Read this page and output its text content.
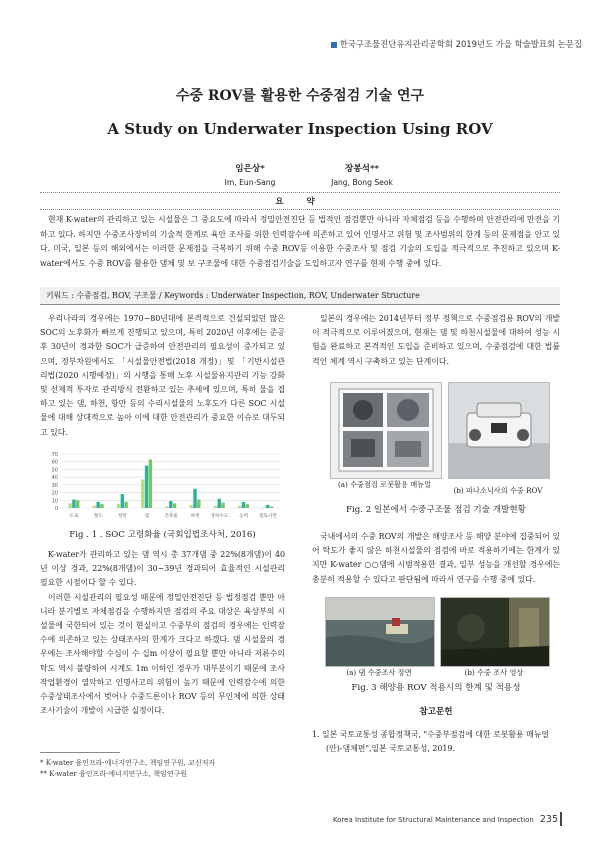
한국구조물진단유지관리공학회 2019년도 가을 학술발표회 논문집
수중 ROV를 활용한 수중점검 기술 연구
A Study on Underwater Inspection Using ROV
임은상*
Im, Eun-Sang
장봉석**
Jang, Bong Seok
요 약
현재 K-water의 관리하고 있는 시설물은 그 중요도에 따라서 정밀안전진단 등 법적인 점검뿐만 아니라 자체점검 등을 수행하며 안전관리에 만전을 기하고 있다. 하지만 수중조사장비의 기술적 한계로 육안 조사를 위한 인력잠수에 의존하고 있어 인명사고 위험 및 조사범위의 한계 등의 문제점을 안고 있다. 미국, 일본 등의 해외에서는 이러한 문제점을 극복하기 위해 수중 ROV등 이용한 수중조사 및 점검 기술의 도입을 적극적으로 추진하고 있으며 K-water에서도 수중 ROV를 활용한 댐체 및 보 구조물에 대한 수중점검기술을 도입하고자 연구를 현재 수행 중에 있다.
키워드 : 수중점검, ROV, 구조물 / Keywords : Underwater Inspection, ROV, Underwater Structure

우리나라의 경우에는 1970~80년대에 본격적으로 건설되었던 많은 SOC의 노후화가 빠르게 진행되고 있으며, 특히 2020년 이후에는 준공 후 30년이 경과한 SOC가 급증하여 안전관리의 필요성이 증가되고 있으며, 정부차원에서도 「시설물안전법(2018 개정)」및 「기반시설관리법(2020 시행예정)」의 시행을 통해 노후 시설물유지관리 기능 강화 및 선제적 투자로 관리방식 전환하고 있는 추세에 있으며, 특히 물을 접하고 있는 댐, 하천, 항만 등의 수리시설물의 노후도가 다른 SOC 시설물에 대해 상대적으로 높아 이에 대한 안전관리가 중요한 이슈로 대두되고 있다.

0
10
20
30
40
50
60
70
도로	철도	항만	댐	건축물	하천 상하수도 옹벽 절토사면
Fig . 1 . SOC 고령화율 (국회입법조사처, 2016)

K-water가 관리하고 있는 댐 역시 총 37개댐 중 22%(8개댐)이 40년 이상 경과, 22%(8개댐)이 30~39년 경과되어 효율적인 시설관리 필요한 시점이다 할 수 있다.

이러한 시설관리의 필요성 때문에 정밀안전진단 등 법정점검 뿐만 아니라 분기별로 자체점검을 수행하지만 점검의 주요 대상은 육상부의 시설물에 국한되어 있는 것이 현실이고 수중부의 점검의 경우에는 인력잠수에 의존하고 있는 상태조사의 한계가 크다고 하겠다. 댐 시설물의 경우에는 조사해야할 수심이 수 십m 이상이 필요할 뿐만 아니라 저류수의 탁도 역시 불량하여 시계도 1m 이하인 경우가 대부분이기 때문에 조사 작업환경이 열악하고 인명사고의 위험이 높기 때문에 인력잠수에 의한 수중상태조사에서 벗어나 수중드론이나 ROV 등의 무인체에 의한 상태조사기술이 개발이 시급한 실정이다.

* K-water 융인프라·에너지연구소, 책임연구원, 교신저자
** K-water 융인프라·에너지연구소, 책임연구원

일본의 경우에는 2014년부터 정부 정책으로 수중점검용 ROV의 개발이 적극적으로 이루어졌으며, 현재는 댐 및 하천시설물에 대하여 성능 시험을 완료하고 본격적인 도입을 준비하고 있으며, 수중점검에 대한 법률적인 체계 역시 구축하고 있는 단계이다.

(a) 수중점검 로봇활용 매뉴얼
(b) 파나소닉사의 수중 ROV
Fig. 2 일본에서 수중구조물 점검 기술 개발현황

국내에서의 수중 ROV의 개발은 해양조사 등 해양 분야에 집중되어 있어 탁도가 좋지 않은 하천시설물의 점검에 바로 적용하기에는 한계가 있지만 K-water ○○댐에 시범적용한 결과, 일부 성능을 개선할 경우에는 충분히 적용할 수 있다고 판단됨에 따라서 연구를 수행 중에 있다.

(a) 댐 수중조사 장면	(b) 수중 조사 영상
Fig. 3 해양용 ROV 적용시의 한계 및 적용성
참고문헌
1. 일본 국토교통성 종합정책국, "수중부점검에 대한 로봇활용 매뉴얼(안)-댐체편",일본 국토교통성, 2019.
Korea Institute for Structural Maintenance and Inspection 235
